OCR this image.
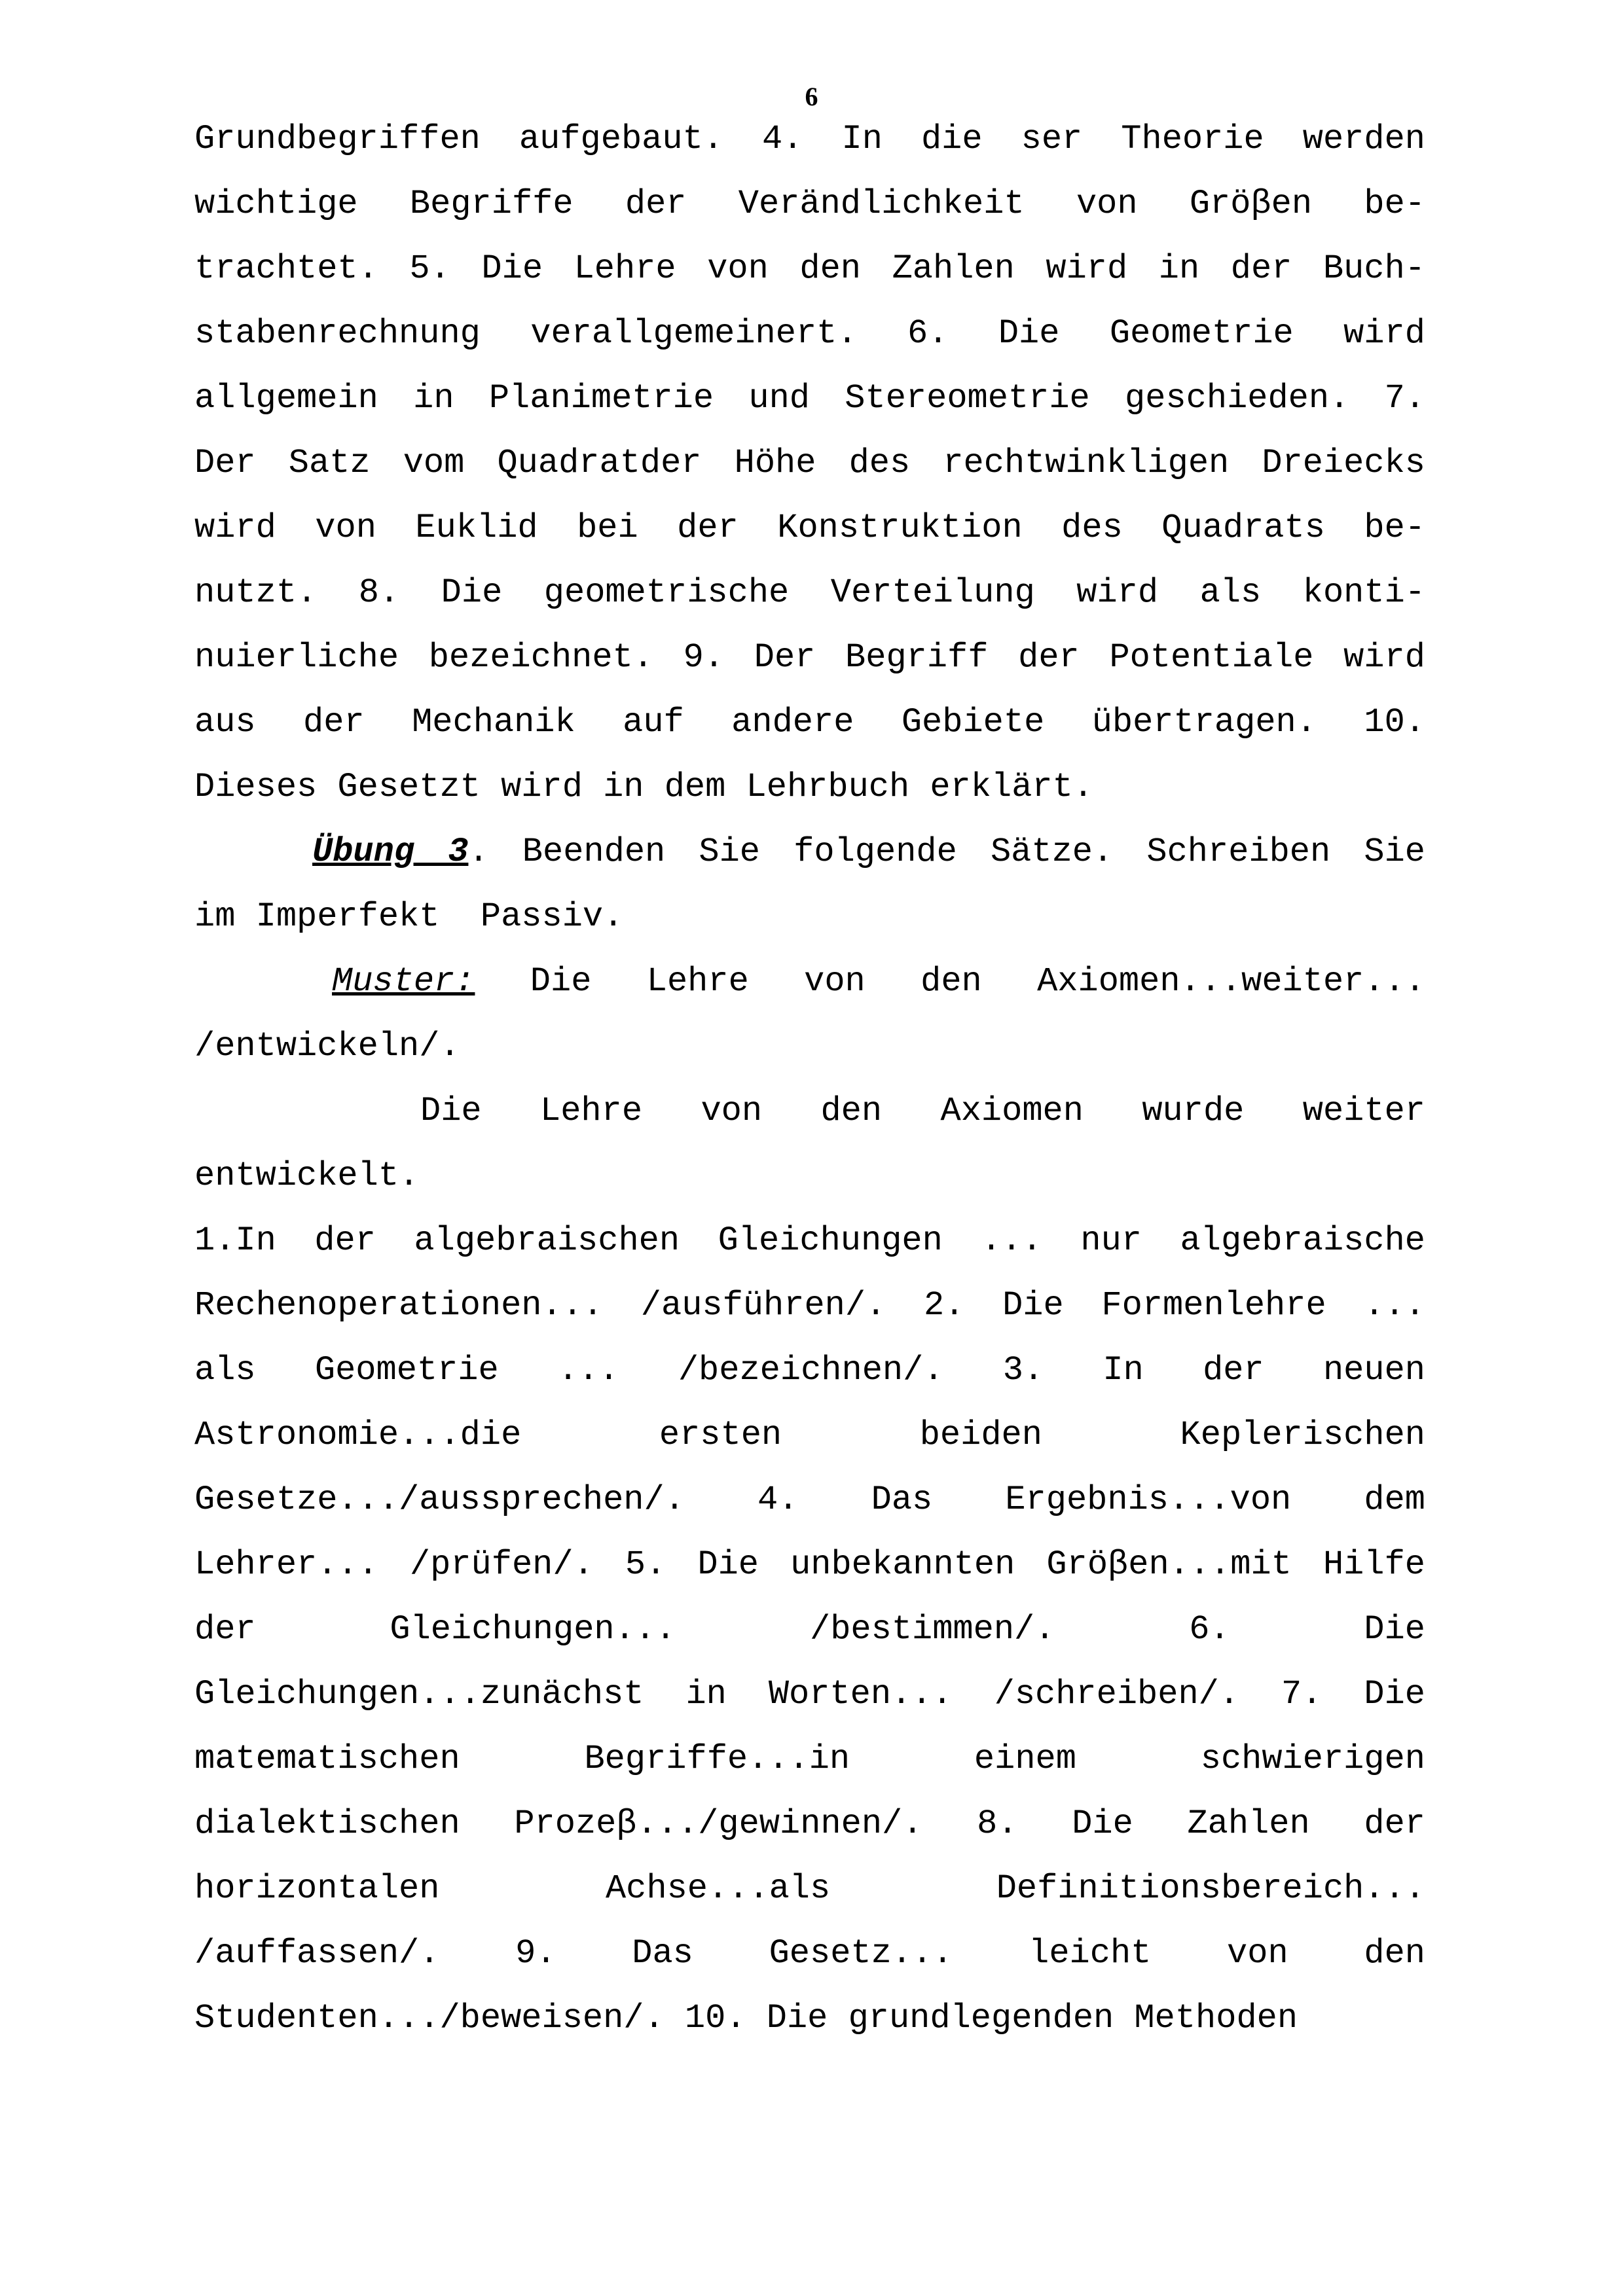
6
Grundbegriffen aufgebaut. 4. In die ser Theorie werden
wichtige Begriffe der Verändlichkeit von Gröβen be-
trachtet. 5. Die Lehre von den Zahlen wird in der Buch-
stabenrechnung verallgemeinert. 6. Die Geometrie wird
allgemein in Planimetrie und Stereometrie geschieden. 7.
Der Satz vom Quadratder Höhe des rechtwinkligen Dreiecks
wird von Euklid bei der Konstruktion des Quadrats be-
nutzt. 8. Die geometrische Verteilung wird als konti-
nuierliche bezeichnet. 9. Der Begriff der Potentiale wird
aus der Mechanik auf andere Gebiete übertragen. 10.
Dieses Gesetzt wird in dem Lehrbuch erklärt.
Übung 3. Beenden Sie folgende Sätze. Schreiben Sie
im Imperfekt  Passiv.
Muster: Die Lehre von den Axiomen...weiter...
/entwickeln/.
Die Lehre von den Axiomen wurde weiter
entwickelt.
1.In der algebraischen Gleichungen ... nur algebraische
Rechenoperationen... /ausführen/. 2. Die Formenlehre ...
als Geometrie ... /bezeichnen/. 3. In der neuen
Astronomie...die ersten beiden Keplerischen
Gesetze.../aussprechen/. 4. Das Ergebnis...von dem
Lehrer... /prüfen/. 5. Die unbekannten Gröβen...mit Hilfe
der Gleichungen... /bestimmen/. 6. Die
Gleichungen...zunächst in Worten... /schreiben/. 7. Die
matematischen Begriffe...in einem schwierigen
dialektischen Prozeβ.../gewinnen/. 8. Die Zahlen der
horizontalen Achse...als Definitionsbereich...
/auffassen/. 9. Das Gesetz... leicht von den
Studenten.../beweisen/. 10. Die grundlegenden Methoden
